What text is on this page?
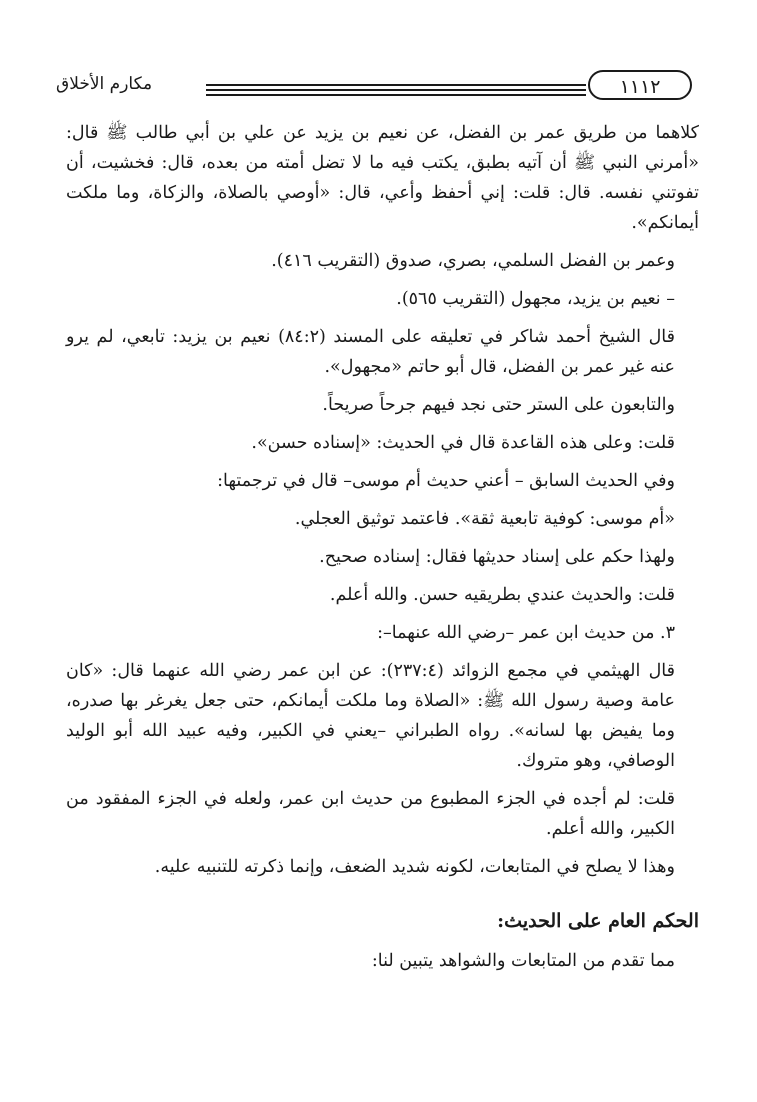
مكارم الأخلاق	١١١٢

كلاهما من طريق عمر بن الفضل، عن نعيم بن يزيد عن علي بن أبي طالب ﷺ قال: «أمرني النبي ﷺ أن آتيه بطبق، يكتب فيه ما لا تضل أمته من بعده، قال: فخشيت، أن تفوتني نفسه. قال: قلت: إني أحفظ وأعي، قال: «أوصي بالصلاة، والزكاة، وما ملكت أيمانكم».

وعمر بن الفضل السلمي، بصري، صدوق (التقريب ٤١٦).

– نعيم بن يزيد، مجهول (التقريب ٥٦٥).

قال الشيخ أحمد شاكر في تعليقه على المسند (٨٤:٢) نعيم بن يزيد: تابعي، لم يرو عنه غير عمر بن الفضل، قال أبو حاتم «مجهول».

والتابعون على الستر حتى نجد فيهم جرحاً صريحاً.

قلت: وعلى هذه القاعدة قال في الحديث: «إسناده حسن».

وفي الحديث السابق – أعني حديث أم موسى– قال في ترجمتها:

«أم موسى: كوفية تابعية ثقة». فاعتمد توثيق العجلي.

ولهذا حكم على إسناد حديثها فقال: إسناده صحيح.

قلت: والحديث عندي بطريقيه حسن. والله أعلم.

٣. من حديث ابن عمر –رضي الله عنهما–:

قال الهيثمي في مجمع الزوائد (٢٣٧:٤): عن ابن عمر رضي الله عنهما قال: «كان عامة وصية رسول الله ﷺ: «الصلاة وما ملكت أيمانكم، حتى جعل يغرغر بها صدره، وما يفيض بها لسانه». رواه الطبراني –يعني في الكبير، وفيه عبيد الله أبو الوليد الوصافي، وهو متروك.

قلت: لم أجده في الجزء المطبوع من حديث ابن عمر، ولعله في الجزء المفقود من الكبير، والله أعلم.

وهذا لا يصلح في المتابعات، لكونه شديد الضعف، وإنما ذكرته للتنبيه عليه.

الحكم العام على الحديث:

مما تقدم من المتابعات والشواهد يتبين لنا:
